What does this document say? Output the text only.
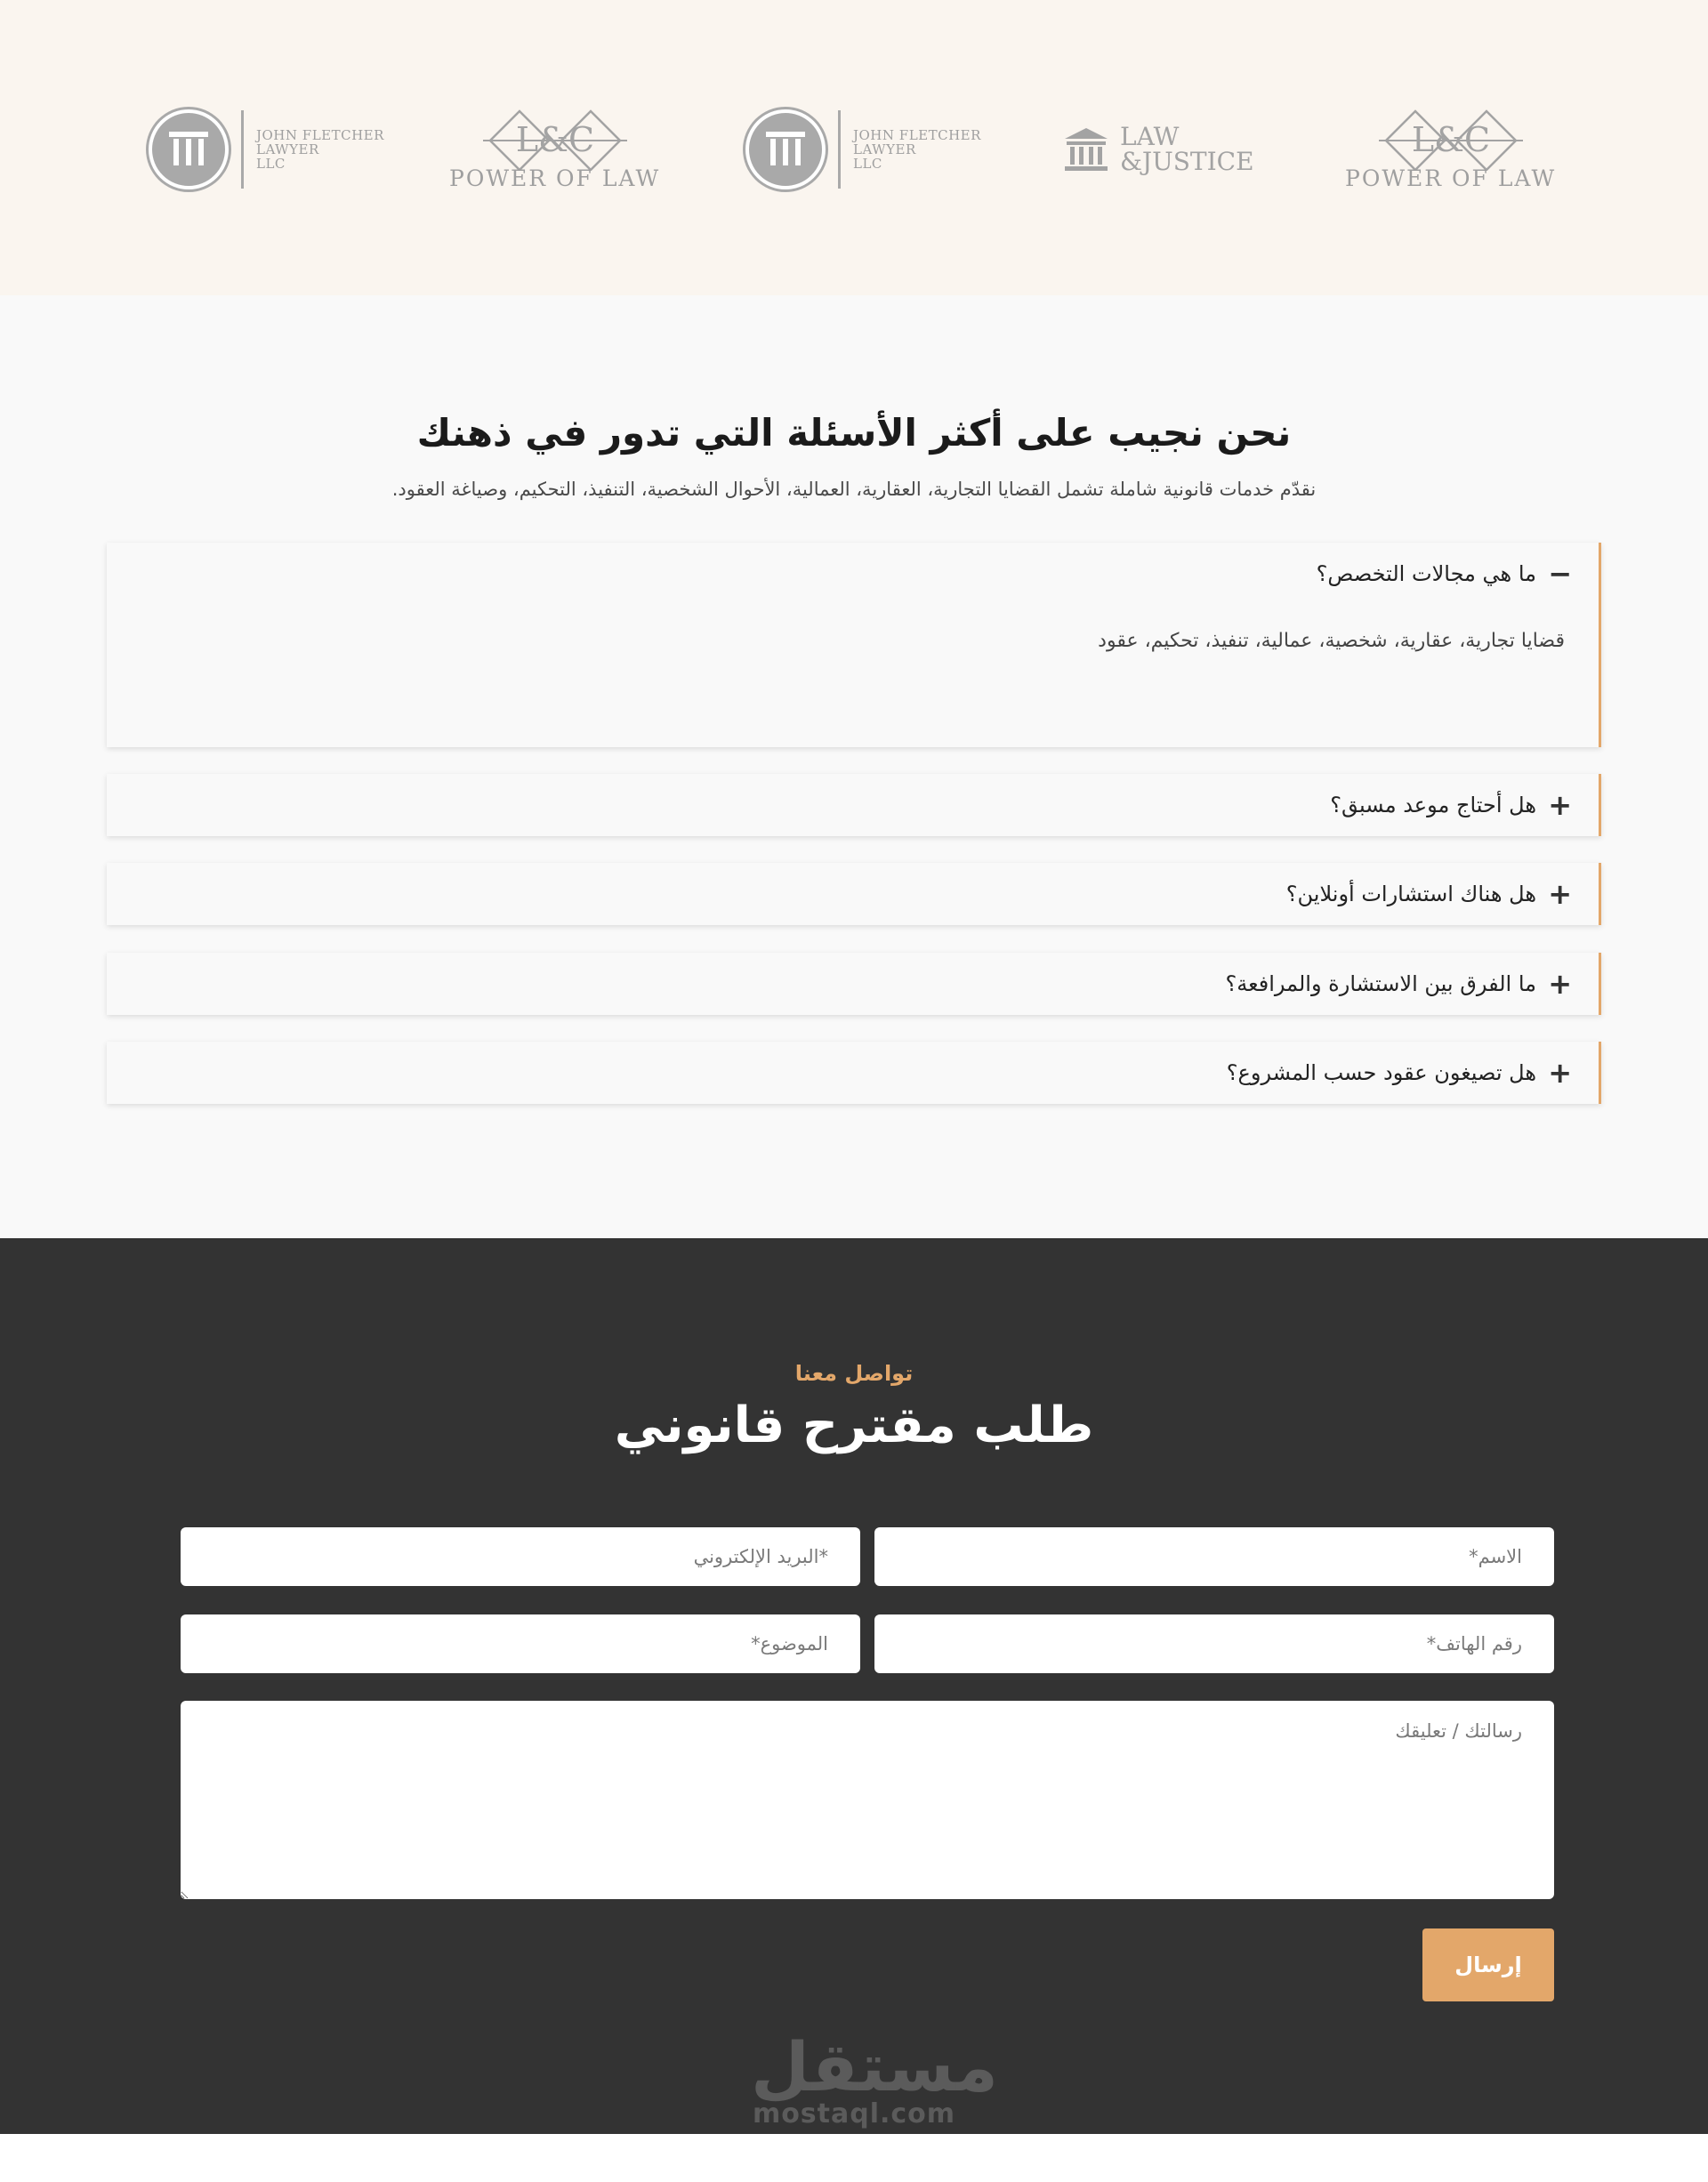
JOHN FLETCHER
LAWYER
LLC
L&C
POWER OF LAW
JOHN FLETCHER
LAWYER
LLC
LAW
&JUSTICE
L&C
POWER OF LAW
نحن نجيب على أكثر الأسئلة التي تدور في ذهنك

نقدّم خدمات قانونية شاملة تشمل القضايا التجارية، العقارية، العمالية، الأحوال الشخصية، التنفيذ، التحكيم، وصياغة العقود.

−
ما هي مجالات التخصص؟
قضايا تجارية، عقارية، شخصية، عمالية، تنفيذ، تحكيم، عقود
+
هل أحتاج موعد مسبق؟
+
هل هناك استشارات أونلاين؟
+
ما الفرق بين الاستشارة والمرافعة؟
+
هل تصيغون عقود حسب المشروع؟
تواصل معنا
طلب مقترح قانوني
الاسم*
*البريد الإلكتروني
رقم الهاتف*
الموضوع*
رسالتك / تعليقك
إرسال
مستقل
mostaql.com
